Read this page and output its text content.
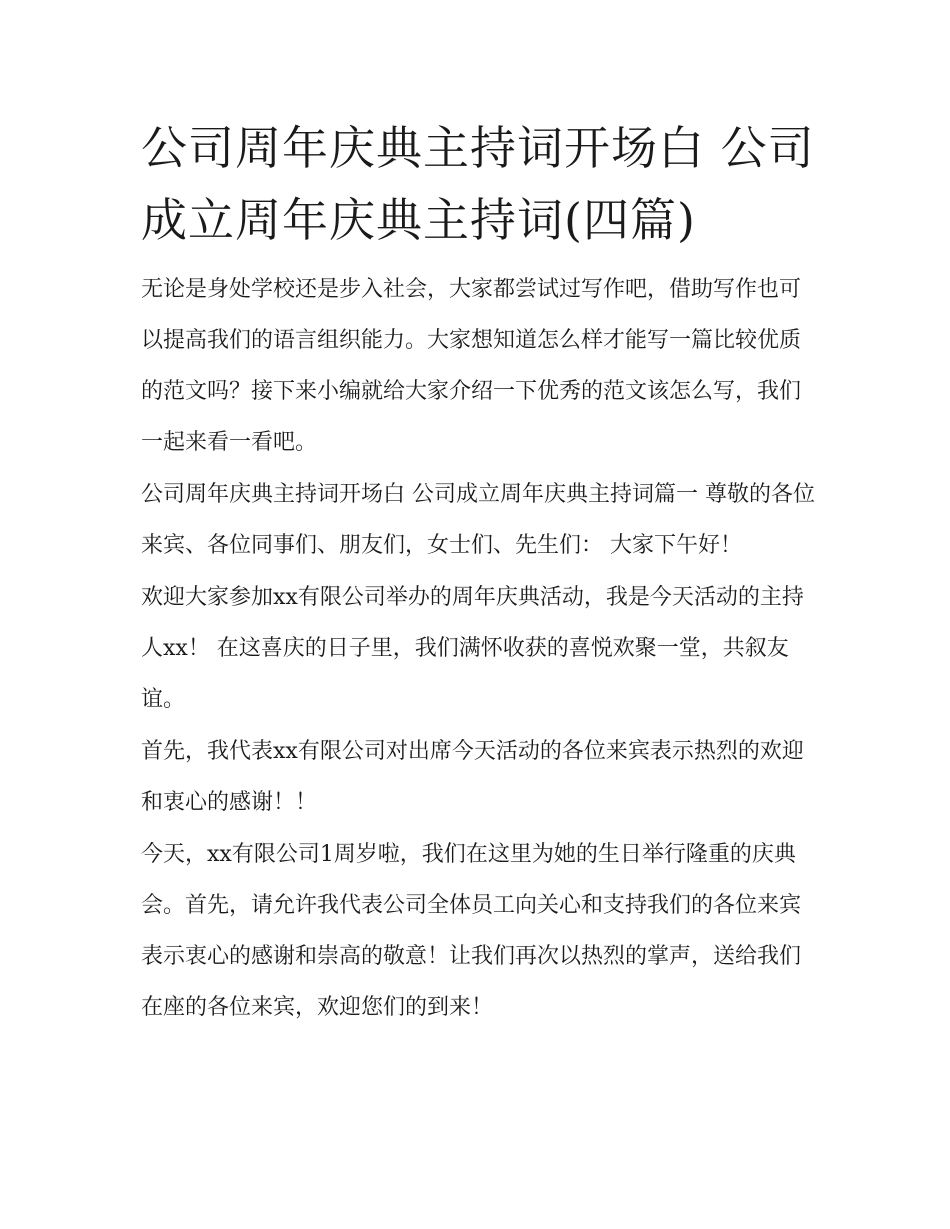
公司周年庆典主持词开场白 公司成立周年庆典主持词(四篇)

无论是身处学校还是步入社会，大家都尝试过写作吧，借助写作也可以提高我们的语言组织能力。大家想知道怎么样才能写一篇比较优质的范文吗？接下来小编就给大家介绍一下优秀的范文该怎么写，我们一起来看一看吧。

公司周年庆典主持词开场白 公司成立周年庆典主持词篇一 尊敬的各位来宾、各位同事们、朋友们，女士们、先生们： 大家下午好！

欢迎大家参加xx有限公司举办的周年庆典活动，我是今天活动的主持人xx！ 在这喜庆的日子里，我们满怀收获的喜悦欢聚一堂，共叙友谊。

首先，我代表xx有限公司对出席今天活动的各位来宾表示热烈的欢迎和衷心的感谢！！

今天，xx有限公司1周岁啦，我们在这里为她的生日举行隆重的庆典会。首先，请允许我代表公司全体员工向关心和支持我们的各位来宾表示衷心的感谢和崇高的敬意！让我们再次以热烈的掌声，送给我们在座的各位来宾，欢迎您们的到来！
